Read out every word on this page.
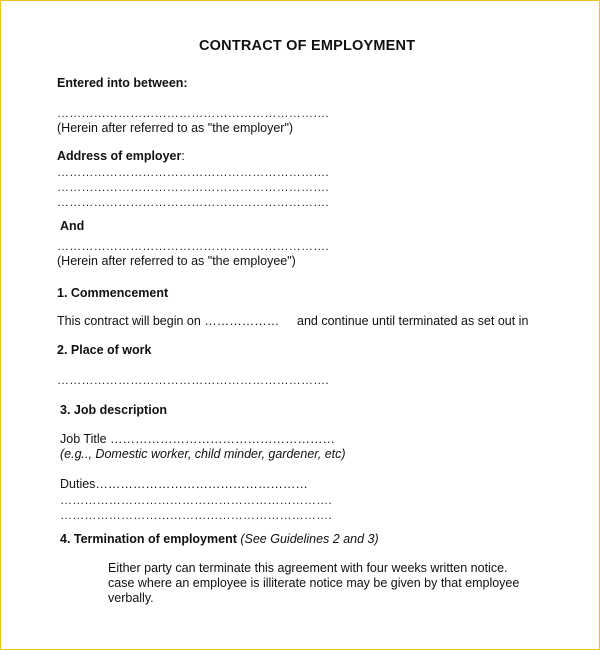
CONTRACT OF EMPLOYMENT
Entered into between:
………………………………………………………….
(Herein after referred to as "the employer")
Address of employer:
………………………………………………………….
………………………………………………………….
………………………………………………………….
And
………………………………………………………….
(Herein after referred to as "the employee")
1. Commencement
This contract will begin on ……………… and continue until terminated as set out in
2. Place of work
………………………………………………………….
3. Job description
Job Title ………………………………………………
(e.g.., Domestic worker, child minder, gardener, etc)
Duties……………………………………………
………………………………………………………….
………………………………………………………….
4. Termination of employment (See Guidelines 2 and 3)
Either party can terminate this agreement with four weeks written notice.
case where an employee is illiterate notice may be given by that employee
verbally.
